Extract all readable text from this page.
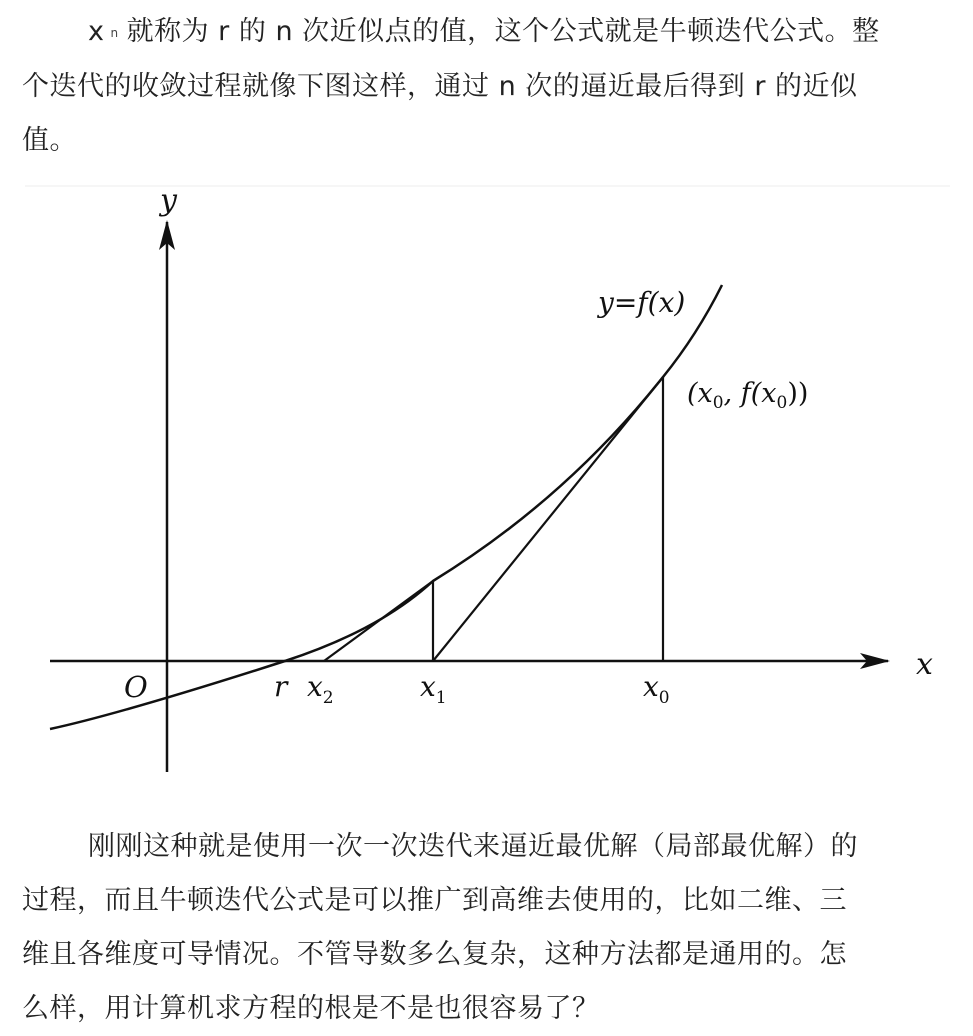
xn 就称为 r 的 n 次近似点的值，这个公式就是牛顿迭代公式。整
个迭代的收敛过程就像下图这样，通过 n 次的逼近最后得到 r 的近似
值。
y
x
O
y=f(x)
($x_0$, $f(x_0)$)
r $x_2$	$x_1$	$x_0$
刚刚这种就是使用一次一次迭代来逼近最优解（局部最优解）的
过程，而且牛顿迭代公式是可以推广到高维去使用的，比如二维、三
维且各维度可导情况。不管导数多么复杂，这种方法都是通用的。怎
么样，用计算机求方程的根是不是也很容易了？
